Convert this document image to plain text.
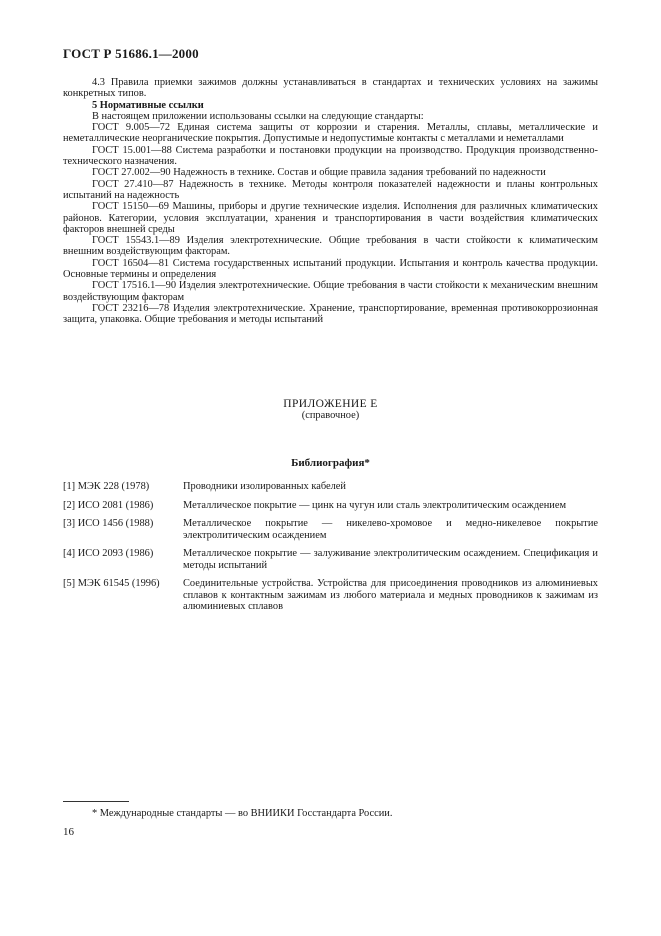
ГОСТ Р 51686.1—2000

4.3 Правила приемки зажимов должны устанавливаться в стандартах и технических условиях на зажимы конкретных типов.

5 Нормативные ссылки

В настоящем приложении использованы ссылки на следующие стандарты:

ГОСТ 9.005—72 Единая система защиты от коррозии и старения. Металлы, сплавы, металлические и неметаллические неорганические покрытия. Допустимые и недопустимые контакты с металлами и неметаллами

ГОСТ 15.001—88 Система разработки и постановки продукции на производство. Продукция производственно-технического назначения.

ГОСТ 27.002—90 Надежность в технике. Состав и общие правила задания требований по надежности

ГОСТ 27.410—87 Надежность в технике. Методы контроля показателей надежности и планы контрольных испытаний на надежность

ГОСТ 15150—69 Машины, приборы и другие технические изделия. Исполнения для различных климатических районов. Категории, условия эксплуатации, хранения и транспортирования в части воздействия климатических факторов внешней среды

ГОСТ 15543.1—89 Изделия электротехнические. Общие требования в части стойкости к климатическим внешним воздействующим факторам.

ГОСТ 16504—81 Система государственных испытаний продукции. Испытания и контроль качества продукции. Основные термины и определения

ГОСТ 17516.1—90 Изделия электротехнические. Общие требования в части стойкости к механическим внешним воздействующим факторам

ГОСТ 23216—78 Изделия электротехнические. Хранение, транспортирование, временная противокоррозионная защита, упаковка. Общие требования и методы испытаний

ПРИЛОЖЕНИЕ Е
(справочное)
Библиография*
[1] МЭК 228 (1978)	Проводники изолированных кабелей
[2] ИСО 2081 (1986)	Металлическое покрытие — цинк на чугун или сталь электролитическим осаждением
[3] ИСО 1456 (1988)	Металлическое покрытие — никелево-хромовое и медно-никелевое покрытие электролитическим осаждением
[4] ИСО 2093 (1986)	Металлическое покрытие — залуживание электролитическим осаждением. Спецификация и методы испытаний
[5] МЭК 61545 (1996)	Соединительные устройства. Устройства для присоединения проводников из алюминиевых сплавов к контактным зажимам из любого материала и медных проводников к зажимам из алюминиевых сплавов
* Международные стандарты — во ВНИИКИ Госстандарта России.
16
